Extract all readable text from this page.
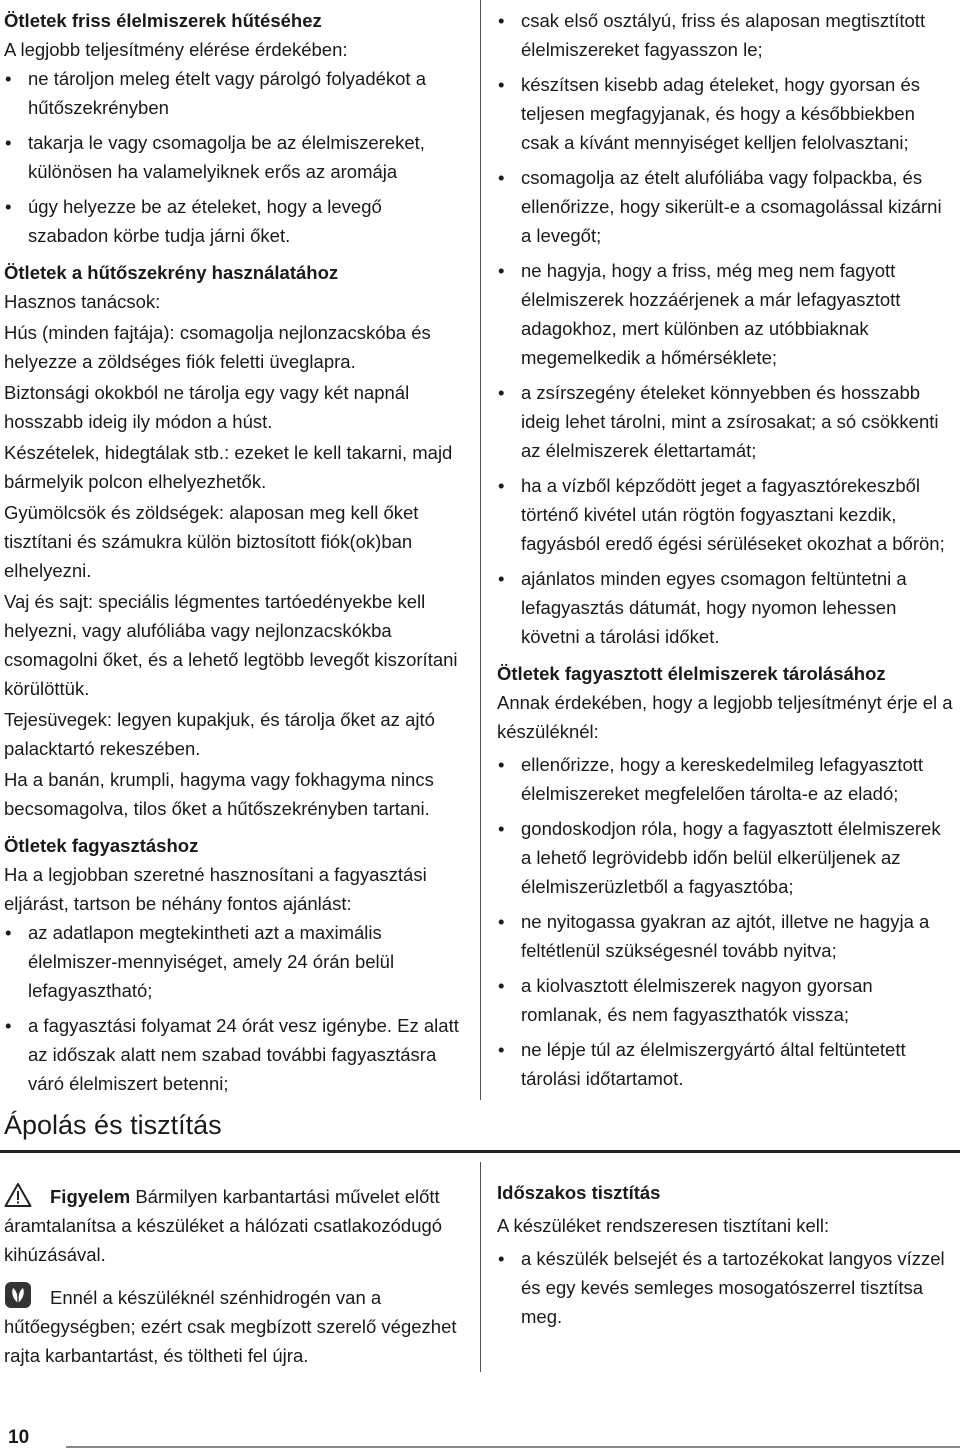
Ötletek friss élelmiszerek hűtéséhez

A legjobb teljesítmény elérése érdekében:

• ne tároljon meleg ételt vagy párolgó folyadékot a hűtőszekrényben
• takarja le vagy csomagolja be az élelmiszereket, különösen ha valamelyiknek erős az aromája
• úgy helyezze be az ételeket, hogy a levegő szabadon körbe tudja járni őket.
Ötletek a hűtőszekrény használatához

Hasznos tanácsok:

Hús (minden fajtája): csomagolja nejlonzacskóba és helyezze a zöldséges fiók feletti üveglapra.

Biztonsági okokból ne tárolja egy vagy két napnál hosszabb ideig ily módon a húst.

Készételek, hidegtálak stb.: ezeket le kell takarni, majd bármelyik polcon elhelyezhetők.

Gyümölcsök és zöldségek: alaposan meg kell őket tisztítani és számukra külön biztosított fiók(ok)ban elhelyezni.

Vaj és sajt: speciális légmentes tartóedényekbe kell helyezni, vagy alufóliába vagy nejlonzacskókba csomagolni őket, és a lehető legtöbb levegőt kiszorítani körülöttük.

Tejesüvegek: legyen kupakjuk, és tárolja őket az ajtó palacktartó rekeszében.

Ha a banán, krumpli, hagyma vagy fokhagyma nincs becsomagolva, tilos őket a hűtőszekrényben tartani.

Ötletek fagyasztáshoz

Ha a legjobban szeretné hasznosítani a fagyasztási eljárást, tartson be néhány fontos ajánlást:

• az adatlapon megtekintheti azt a maximális élelmiszer-mennyiséget, amely 24 órán belül lefagyasztható;
• a fagyasztási folyamat 24 órát vesz igénybe. Ez alatt az időszak alatt nem szabad további fagyasztásra váró élelmiszert betenni;
• csak első osztályú, friss és alaposan megtisztított élelmiszereket fagyasszon le;
• készítsen kisebb adag ételeket, hogy gyorsan és teljesen megfagyjanak, és hogy a későbbiekben csak a kívánt mennyiséget kelljen felolvasztani;
• csomagolja az ételt alufóliába vagy folpackba, és ellenőrizze, hogy sikerült-e a csomagolással kizárni a levegőt;
• ne hagyja, hogy a friss, még meg nem fagyott élelmiszerek hozzáérjenek a már lefagyasztott adagokhoz, mert különben az utóbbiaknak megemelkedik a hőmérséklete;
• a zsírszegény ételeket könnyebben és hosszabb ideig lehet tárolni, mint a zsírosakat; a só csökkenti az élelmiszerek élettartamát;
• ha a vízből képződött jeget a fagyasztórekeszből történő kivétel után rögtön fogyasztani kezdik, fagyásból eredő égési sérüléseket okozhat a bőrön;
• ajánlatos minden egyes csomagon feltüntetni a lefagyasztás dátumát, hogy nyomon lehessen követni a tárolási időket.
Ötletek fagyasztott élelmiszerek tárolásához

Annak érdekében, hogy a legjobb teljesítményt érje el a készüléknél:

• ellenőrizze, hogy a kereskedelmileg lefagyasztott élelmiszereket megfelelően tárolta-e az eladó;
• gondoskodjon róla, hogy a fagyasztott élelmiszerek a lehető legrövidebb időn belül elkerüljenek az élelmiszerüzletből a fagyasztóba;
• ne nyitogassa gyakran az ajtót, illetve ne hagyja a feltétlenül szükségesnél tovább nyitva;
• a kiolvasztott élelmiszerek nagyon gyorsan romlanak, és nem fagyaszthatók vissza;
• ne lépje túl az élelmiszergyártó által feltüntetett tárolási időtartamot.
Ápolás és tisztítás

Figyelem Bármilyen karbantartási művelet előtt áramtalanítsa a készüléket a hálózati csatlakozódugó kihúzásával.

Ennél a készüléknél szénhidrogén van a hűtőegységben; ezért csak megbízott szerelő végezhet rajta karbantartást, és töltheti fel újra.

Időszakos tisztítás

A készüléket rendszeresen tisztítani kell:

• a készülék belsejét és a tartozékokat langyos vízzel és egy kevés semleges mosogatószerrel tisztítsa meg.

10
